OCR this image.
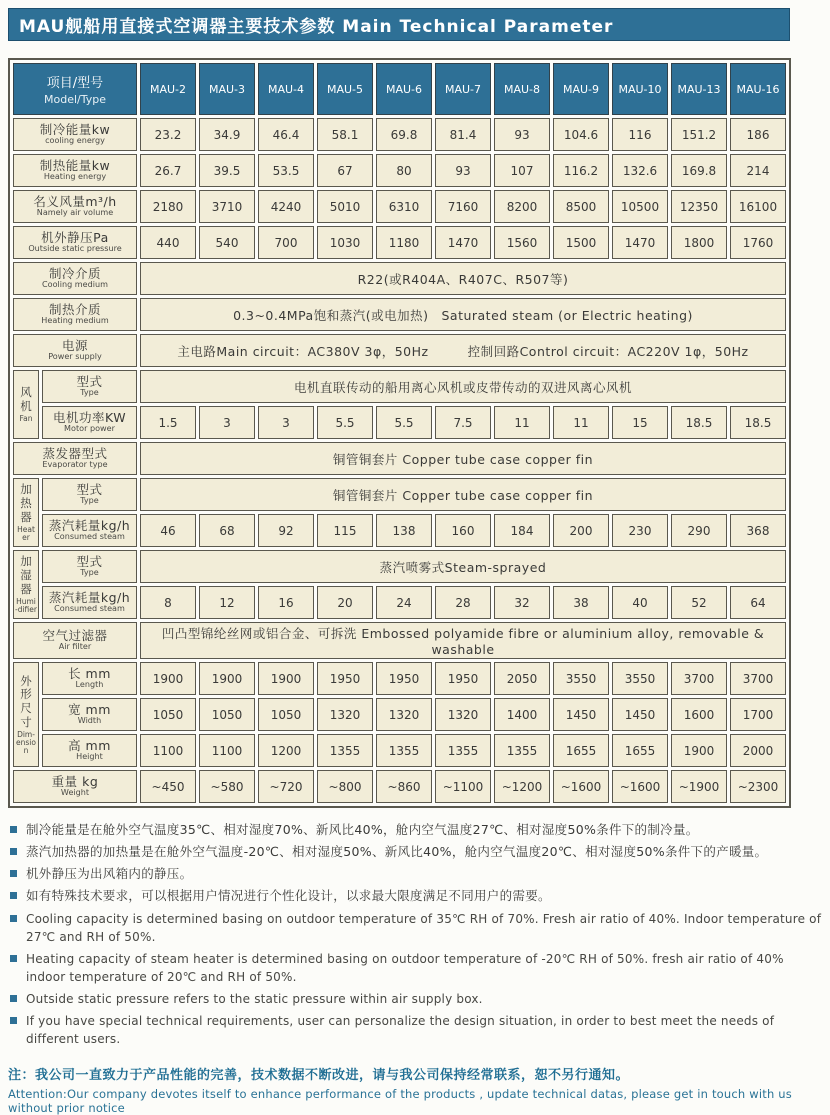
MAU舰船用直接式空调器主要技术参数 Main Technical Parameter
项目/型号
Model/Type		MAU-2	MAU-3	MAU-4	MAU-5	MAU-6	MAU-7	MAU-8	MAU-9	MAU-10	MAU-13	MAU-16

制冷能量kw
cooling energy		23.2	34.9	46.4	58.1	69.8	81.4	93	104.6	116	151.2	186

制热能量kw
Heating energy		26.7	39.5	53.5	67	80	93	107	116.2	132.6	169.8	214

名义风量m³/h
Namely air volume		2180	3710	4240	5010	6310	7160	8200	8500	10500	12350	16100

机外静压Pa
Outside static pressure		440	540	700	1030	1180	1470	1560	1500	1470	1800	1760

制冷介质
Cooling medium		R22(或R404A、R407C、R507等)										

制热介质
Heating medium		0.3~0.4MPa饱和蒸汽(或电加热)　Saturated steam (or Electric heating)										

电源
Power supply		主电路Main circuit：AC380V 3φ，50Hz　　　控制回路Control circuit：AC220V 1φ，50Hz										

风机
Fan

型式
Type	电机直联传动的船用离心风机或皮带传动的双进风离心风机

	电机功率KW
Motor power	1.5	3	3	5.5	5.5	7.5	11	11	15	18.5	18.5

蒸发器型式
Evaporator type		铜管铜套片 Copper tube case copper fin										

加热器
Heater

型式
Type	铜管铜套片 Copper tube case copper fin

	蒸汽耗量kg/h
Consumed steam	46	68	92	115	138	160	184	200	230	290	368

加湿器
Humi-difier

型式
Type	蒸汽喷雾式Steam-sprayed

	蒸汽耗量kg/h
Consumed steam	8	12	16	20	24	28	32	38	40	52	64

空气过滤器
Air filter		凹凸型锦纶丝网或铝合金、可拆洗 Embossed polyamide fibre or aluminium alloy, removable & washable										

外形尺寸
Dim-ension

长 mm
Length	1900	1900	1900	1950	1950	1950	2050	3550	3550	3700	3700

	宽 mm
Width	1050	1050	1050	1320	1320	1320	1400	1450	1450	1600	1700

	高 mm
Height	1100	1100	1200	1355	1355	1355	1355	1655	1655	1900	2000

重量 kg
Weight		~450	~580	~720	~800	~860	~1100	~1200	~1600	~1600	~1900	~2300
制冷能量是在舱外空气温度35℃、相对湿度70%、新风比40%，舱内空气温度27℃、相对湿度50%条件下的制冷量。
蒸汽加热器的加热量是在舱外空气温度-20℃、相对湿度50%、新风比40%，舱内空气温度20℃、相对湿度50%条件下的产暖量。
机外静压为出风箱内的静压。
如有特殊技术要求，可以根据用户情况进行个性化设计，以求最大限度满足不同用户的需要。
Cooling capacity is determined basing on outdoor temperature of 35℃ RH of 70%. Fresh air ratio of 40%. Indoor temperature of 27℃ and RH of 50%.
Heating capacity of steam heater is determined basing on outdoor temperature of -20℃ RH of 50%. fresh air ratio of 40% indoor temperature of 20℃ and RH of 50%.
Outside static pressure refers to the static pressure within air supply box.
If you have special technical requirements, user can personalize the design situation, in order to best meet the needs of different users.
注：我公司一直致力于产品性能的完善，技术数据不断改进，请与我公司保持经常联系，恕不另行通知。
Attention:Our company devotes itself to enhance performance of the products , update technical datas, please get in touch with us without prior notice
